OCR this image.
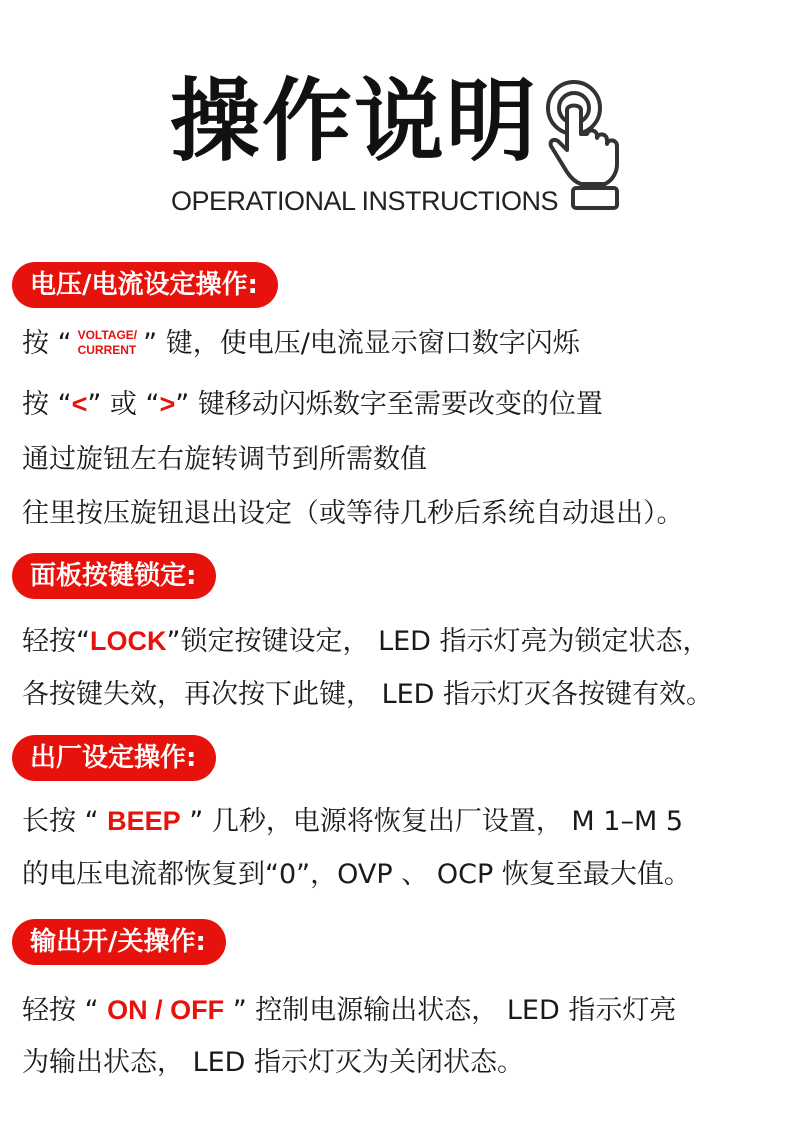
操作说明
OPERATIONAL INSTRUCTIONS
电压/电流设定操作:
按 “ VOLTAGE/
CURRENT ” 键，使电压/电流显示窗口数字闪烁
按 “<” 或 “>” 键移动闪烁数字至需要改变的位置
通过旋钮左右旋转调节到所需数值
往里按压旋钮退出设定（或等待几秒后系统自动退出）。
面板按键锁定:
轻按“LOCK”锁定按键设定， LED 指示灯亮为锁定状态，
各按键失效，再次按下此键， LED 指示灯灭各按键有效。
出厂设定操作:
长按 “ BEEP ” 几秒，电源将恢复出厂设置， M 1–M 5
的电压电流都恢复到“0”，OVP 、 OCP 恢复至最大值。
输出开/关操作:
轻按 “ ON / OFF ” 控制电源输出状态， LED 指示灯亮
为输出状态， LED 指示灯灭为关闭状态。
